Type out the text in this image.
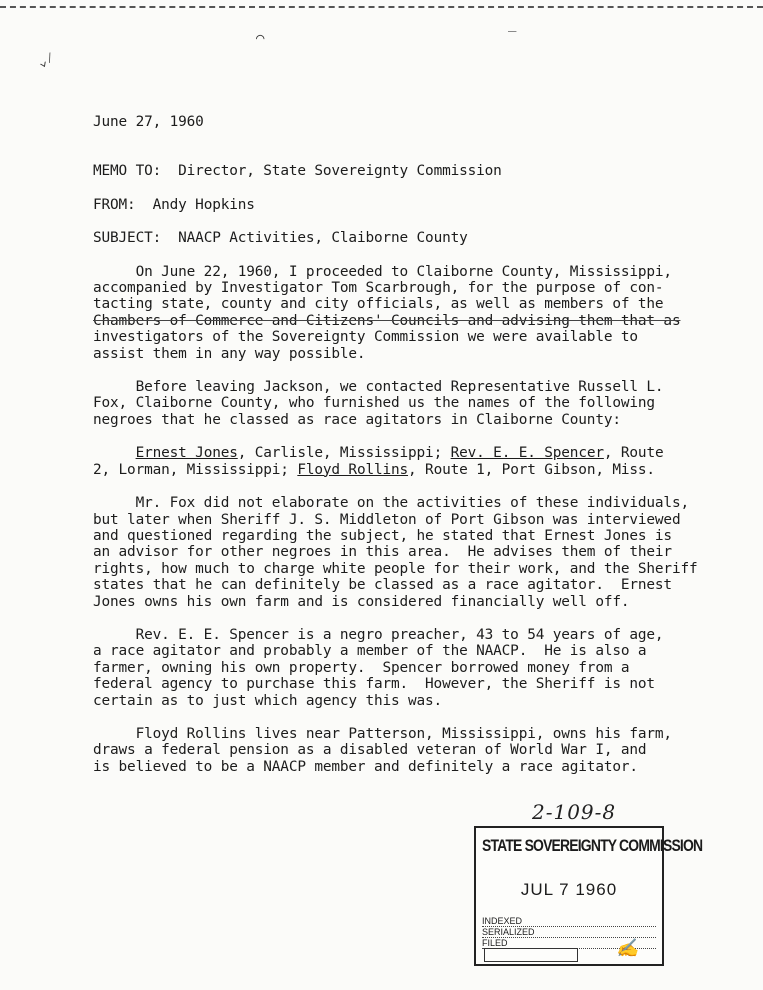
⌒	‾
⌄⁄
June 27, 1960
MEMO TO: Director, State Sovereignty Commission
FROM: Andy Hopkins
SUBJECT: NAACP Activities, Claiborne County
On June 22, 1960, I proceeded to Claiborne County, Mississippi,
accompanied by Investigator Tom Scarbrough, for the purpose of con-
tacting state, county and city officials, as well as members of the
Chambers of Commerce and Citizens' Councils and advising them that as
investigators of the Sovereignty Commission we were available to
assist them in any way possible.
Before leaving Jackson, we contacted Representative Russell L.
Fox, Claiborne County, who furnished us the names of the following
negroes that he classed as race agitators in Claiborne County:
Ernest Jones, Carlisle, Mississippi; Rev. E. E. Spencer, Route
2, Lorman, Mississippi; Floyd Rollins, Route 1, Port Gibson, Miss.
Mr. Fox did not elaborate on the activities of these individuals,
but later when Sheriff J. S. Middleton of Port Gibson was interviewed
and questioned regarding the subject, he stated that Ernest Jones is
an advisor for other negroes in this area.  He advises them of their
rights, how much to charge white people for their work, and the Sheriff
states that he can definitely be classed as a race agitator.  Ernest
Jones owns his own farm and is considered financially well off.
Rev. E. E. Spencer is a negro preacher, 43 to 54 years of age,
a race agitator and probably a member of the NAACP.  He is also a
farmer, owning his own property.  Spencer borrowed money from a
federal agency to purchase this farm.  However, the Sheriff is not
certain as to just which agency this was.
Floyd Rollins lives near Patterson, Mississippi, owns his farm,
draws a federal pension as a disabled veteran of World War I, and
is believed to be a NAACP member and definitely a race agitator.
2-109-8
STATE SOVEREIGNTY COMMISSION
JUL 7 1960
INDEXED
SERIALIZED
FILED	✍
